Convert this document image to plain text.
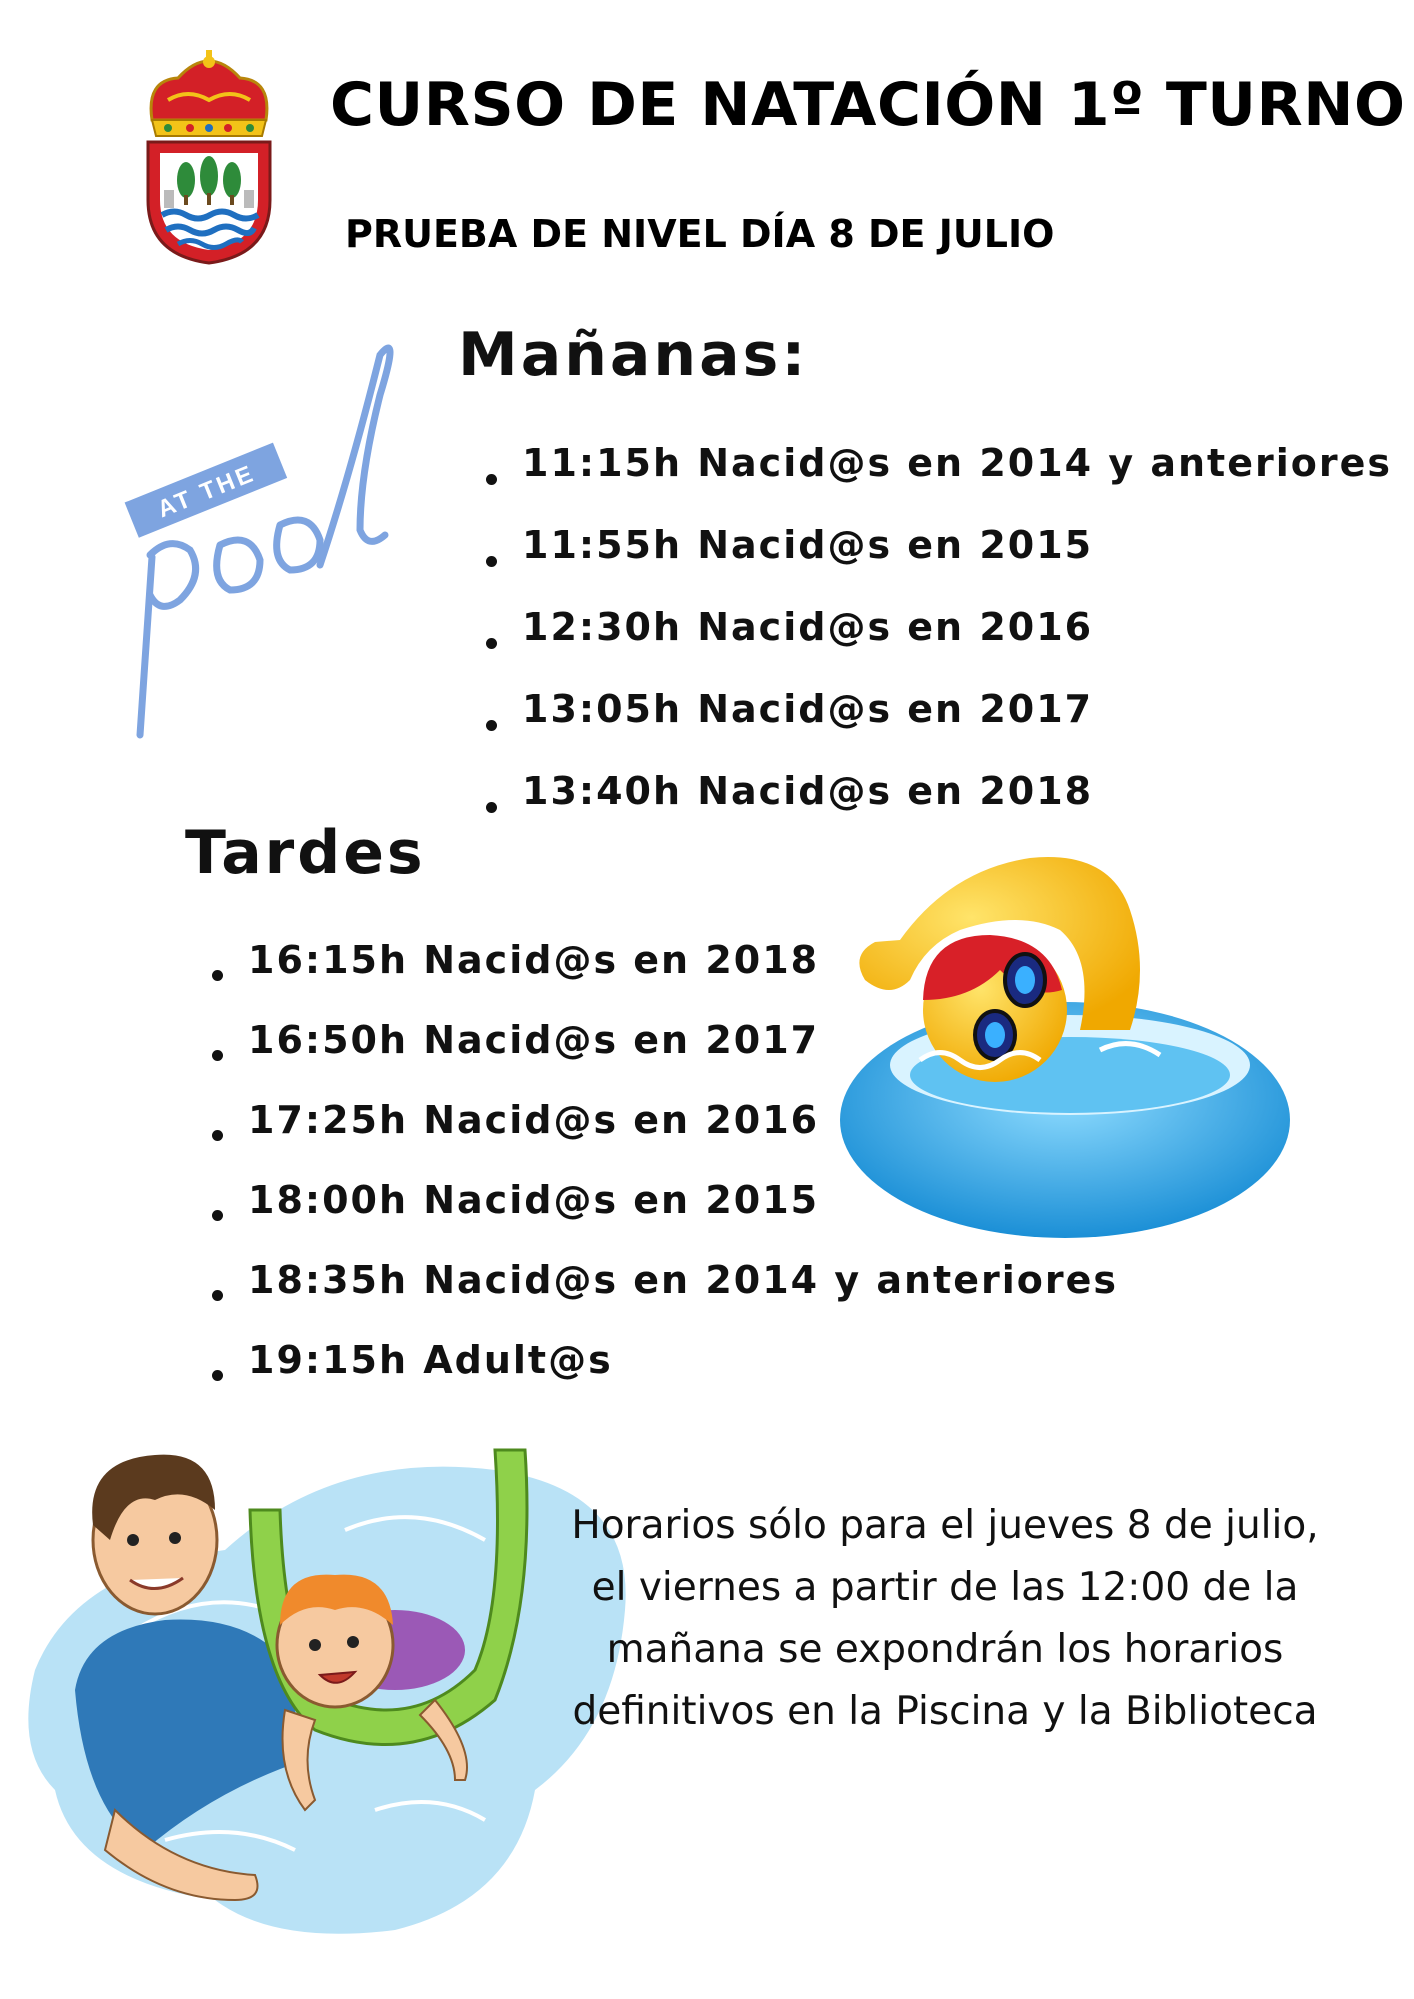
CURSO DE NATACIÓN 1º TURNO
PRUEBA DE NIVEL DÍA 8 DE JULIO
AT THE
Mañanas:
11:15h Nacid@s en 2014 y anteriores
11:55h Nacid@s en 2015
12:30h Nacid@s en 2016
13:05h Nacid@s en 2017
13:40h Nacid@s en 2018
Tardes
16:15h Nacid@s en 2018
16:50h Nacid@s en 2017
17:25h Nacid@s en 2016
18:00h Nacid@s en 2015
18:35h Nacid@s en 2014 y anteriores
19:15h Adult@s
Horarios sólo para el jueves 8 de julio, el viernes a partir de las 12:00 de la mañana se expondrán los horarios definitivos en la Piscina y la Biblioteca
